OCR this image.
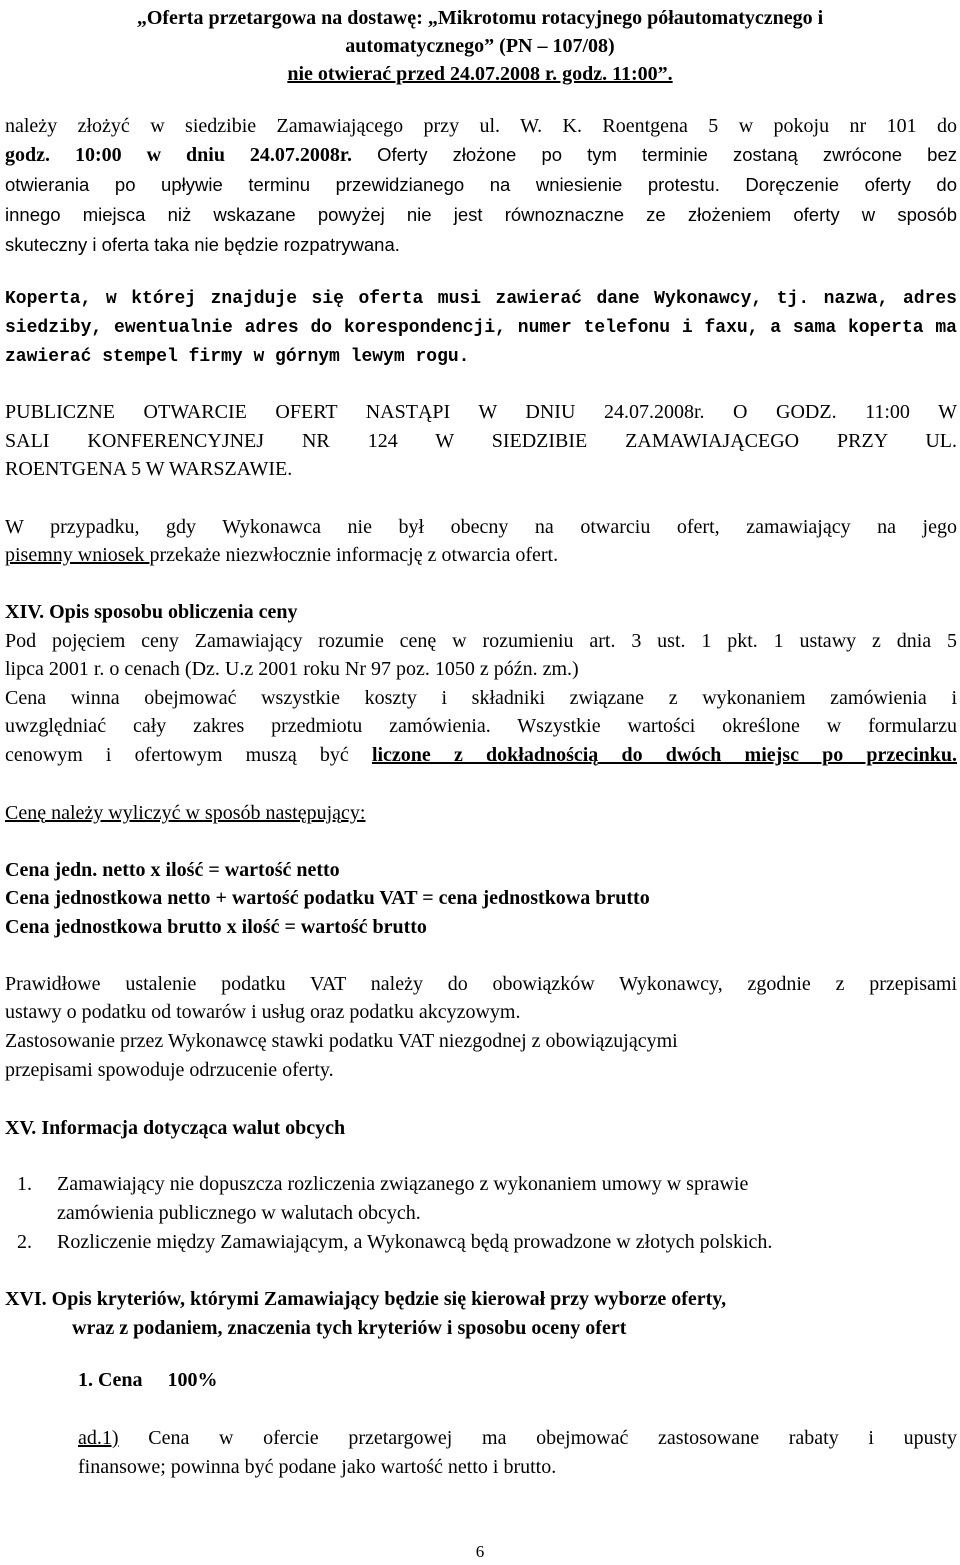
„Oferta przetargowa na dostawę: „Mikrotomu rotacyjnego półautomatycznego i
automatycznego” (PN – 107/08)
nie otwierać przed 24.07.2008 r. godz. 11:00”.
należy złożyć w siedzibie Zamawiającego przy ul. W. K. Roentgena 5 w pokoju nr 101 do
godz. 10:00 w dniu 24.07.2008r. Oferty złożone po tym terminie zostaną zwrócone bez
otwierania po upływie terminu przewidzianego na wniesienie protestu. Doręczenie oferty do
innego miejsca niż wskazane powyżej nie jest równoznaczne ze złożeniem oferty w sposób
skuteczny i oferta taka nie będzie rozpatrywana.
Koperta, w której znajduje się oferta musi zawierać dane Wykonawcy, tj. nazwa, adres
siedziby, ewentualnie adres do korespondencji, numer telefonu i faxu, a sama koperta ma
zawierać stempel firmy w górnym lewym rogu.
PUBLICZNE OTWARCIE OFERT NASTĄPI W DNIU 24.07.2008r. O GODZ. 11:00 W
SALI KONFERENCYJNEJ NR 124 W SIEDZIBIE ZAMAWIAJĄCEGO PRZY UL.
ROENTGENA 5 W WARSZAWIE.
W przypadku, gdy Wykonawca nie był obecny na otwarciu ofert, zamawiający na jego
pisemny wniosek przekaże niezwłocznie informację z otwarcia ofert.
XIV. Opis sposobu obliczenia ceny
Pod pojęciem ceny Zamawiający rozumie cenę w rozumieniu art. 3 ust. 1 pkt. 1 ustawy z dnia 5
lipca 2001 r. o cenach (Dz. U.z 2001 roku Nr 97 poz. 1050 z późn. zm.)
Cena winna obejmować wszystkie koszty i składniki związane z wykonaniem zamówienia i
uwzględniać cały zakres przedmiotu zamówienia. Wszystkie wartości określone w formularzu
cenowym i ofertowym muszą być liczone z dokładnością do dwóch miejsc po przecinku.
Cenę należy wyliczyć w sposób następujący:
Cena jedn. netto x ilość = wartość netto
Cena jednostkowa netto + wartość podatku VAT = cena jednostkowa brutto
Cena jednostkowa brutto x ilość = wartość brutto
Prawidłowe ustalenie podatku VAT należy do obowiązków Wykonawcy, zgodnie z przepisami
ustawy o podatku od towarów i usług oraz podatku akcyzowym.
Zastosowanie przez Wykonawcę stawki podatku VAT niezgodnej z obowiązującymi
przepisami spowoduje odrzucenie oferty.
XV. Informacja dotycząca walut obcych
1.	Zamawiający nie dopuszcza rozliczenia związanego z wykonaniem umowy w sprawie
zamówienia publicznego w walutach obcych.
2.	Rozliczenie między Zamawiającym, a Wykonawcą będą prowadzone w złotych polskich.
XVI. Opis kryteriów, którymi Zamawiający będzie się kierował przy wyborze oferty,
wraz z podaniem, znaczenia tych kryteriów i sposobu oceny ofert
1. Cena     100%
ad.1) Cena w ofercie przetargowej ma obejmować zastosowane rabaty i upusty
finansowe; powinna być podane jako wartość netto i brutto.
6
